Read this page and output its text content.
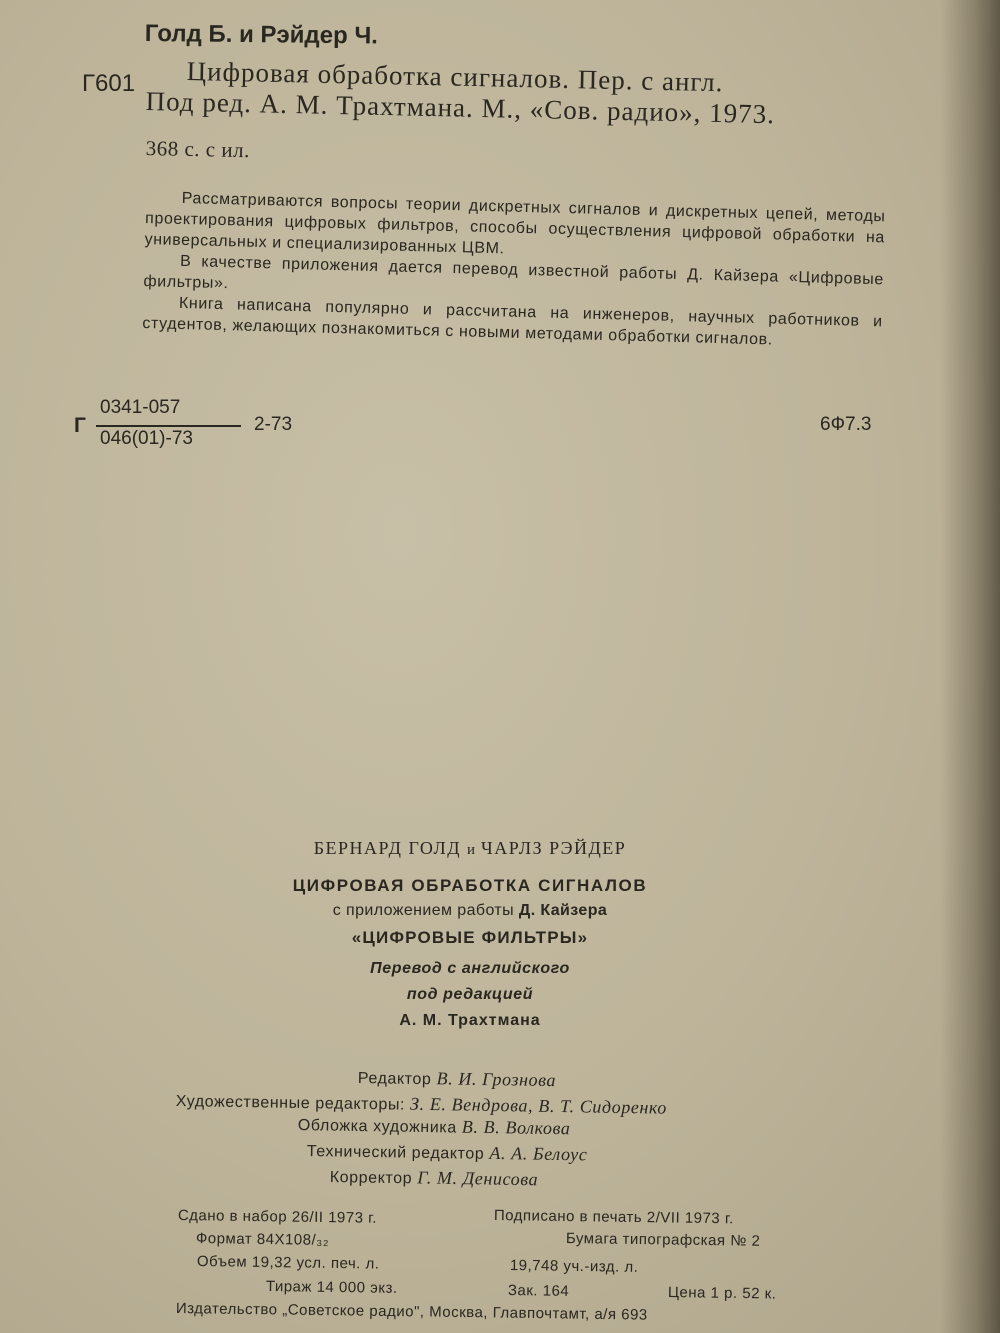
Голд Б. и Рэйдер Ч.
Г601 Цифровая обработка сигналов. Пер. с англ.
Под ред. А. М. Трахтмана. М., «Сов. радио», 1973.
368 с. с ил.

Рассматриваются вопросы теории дискретных сигналов и дискретных цепей, методы проектирования цифровых фильтров, способы осуществления цифровой обработки на универсальных и специализированных ЦВМ.

В качестве приложения дается перевод известной работы Д. Кайзера «Цифровые фильтры».

Книга написана популярно и рассчитана на инженеров, научных работников и студентов, желающих познакомиться с новыми методами обработки сигналов.

Г
0341-057
046(01)-73
2-73	6Ф7.3
БЕРНАРД ГОЛД и ЧАРЛЗ РЭЙДЕР
ЦИФРОВАЯ ОБРАБОТКА СИГНАЛОВ
с приложением работы Д. Кайзера
«ЦИФРОВЫЕ ФИЛЬТРЫ»
Перевод с английского
под редакцией
А. М. Трахтмана
Редактор В. И. Грознова
Художественные редакторы: З. Е. Вендрова, В. Т. Сидоренко
Обложка художника В. В. Волкова
Технический редактор А. А. Белоус
Корректор Г. М. Денисова
Сдано в набор 26/II 1973 г.
Формат 84Х108/₃₂
Объем 19,32 усл. печ. л.
Тираж 14 000 экз.
Подписано в печать 2/VII 1973 г.
Бумага типографская № 2
19,748 уч.-изд. л.
Зак. 164	Цена 1 р. 52 к.
Издательство „Советское радио", Москва, Главпочтамт, а/я 693
